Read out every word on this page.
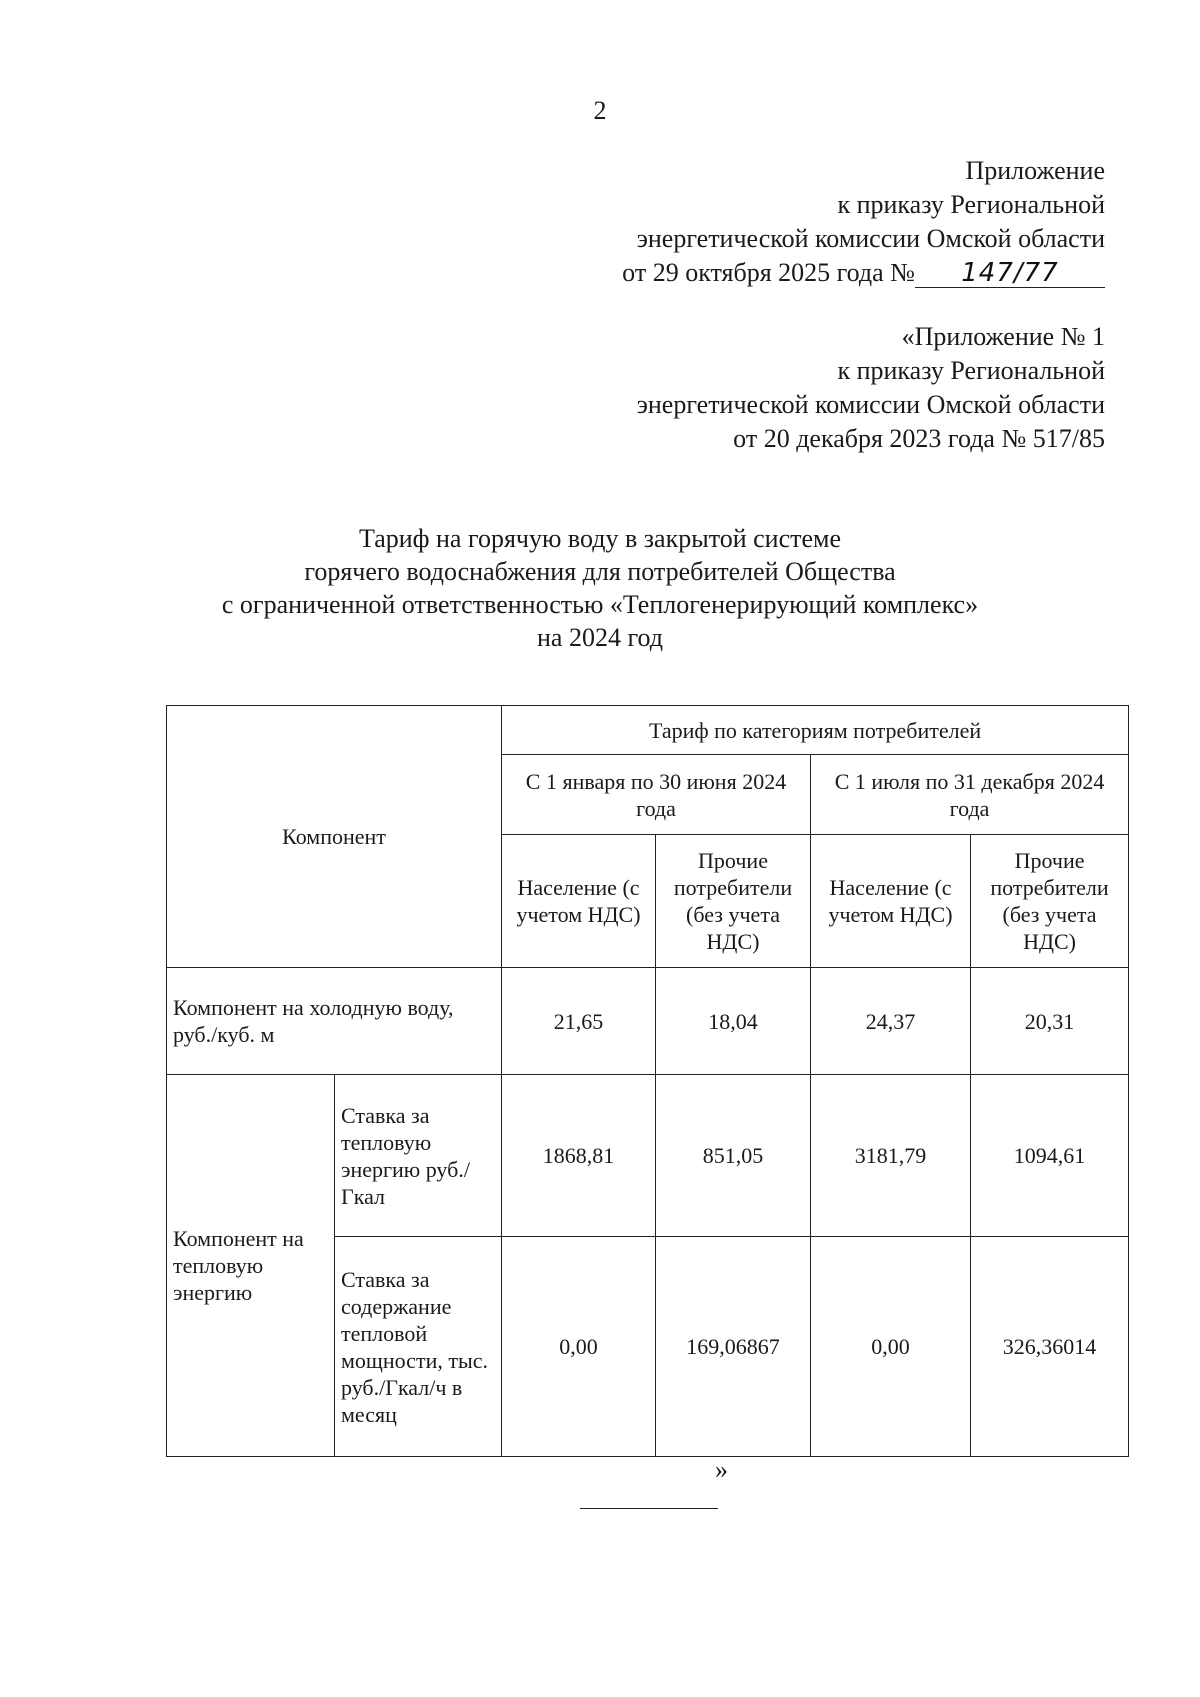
2
Приложение
к приказу Региональной
энергетической комиссии Омской области
от 29 октября 2025 года № 147/77
«Приложение № 1
к приказу Региональной
энергетической комиссии Омской области
от 20 декабря 2023 года № 517/85
Тариф на горячую воду в закрытой системе
горячего водоснабжения для потребителей Общества
с ограниченной ответственностью «Теплогенерирующий комплекс»
на 2024 год
Компонент		Тариф по категориям потребителей			
		С 1 января по 30 июня 2024 года		С 1 июля по 31 декабря 2024 года	
		Население (с учетом НДС)	Прочие потребители (без учета НДС)	Население (с учетом НДС)	Прочие потребители (без учета НДС)
Компонент на холодную воду, руб./куб. м		21,65	18,04	24,37	20,31
Компонент на тепловую энергию	Ставка за тепловую энергию руб./Гкал	1868,81	851,05	3181,79	1094,61
	Ставка за содержание тепловой мощности, тыс. руб./Гкал/ч в месяц	0,00	169,06867	0,00	326,36014
»
